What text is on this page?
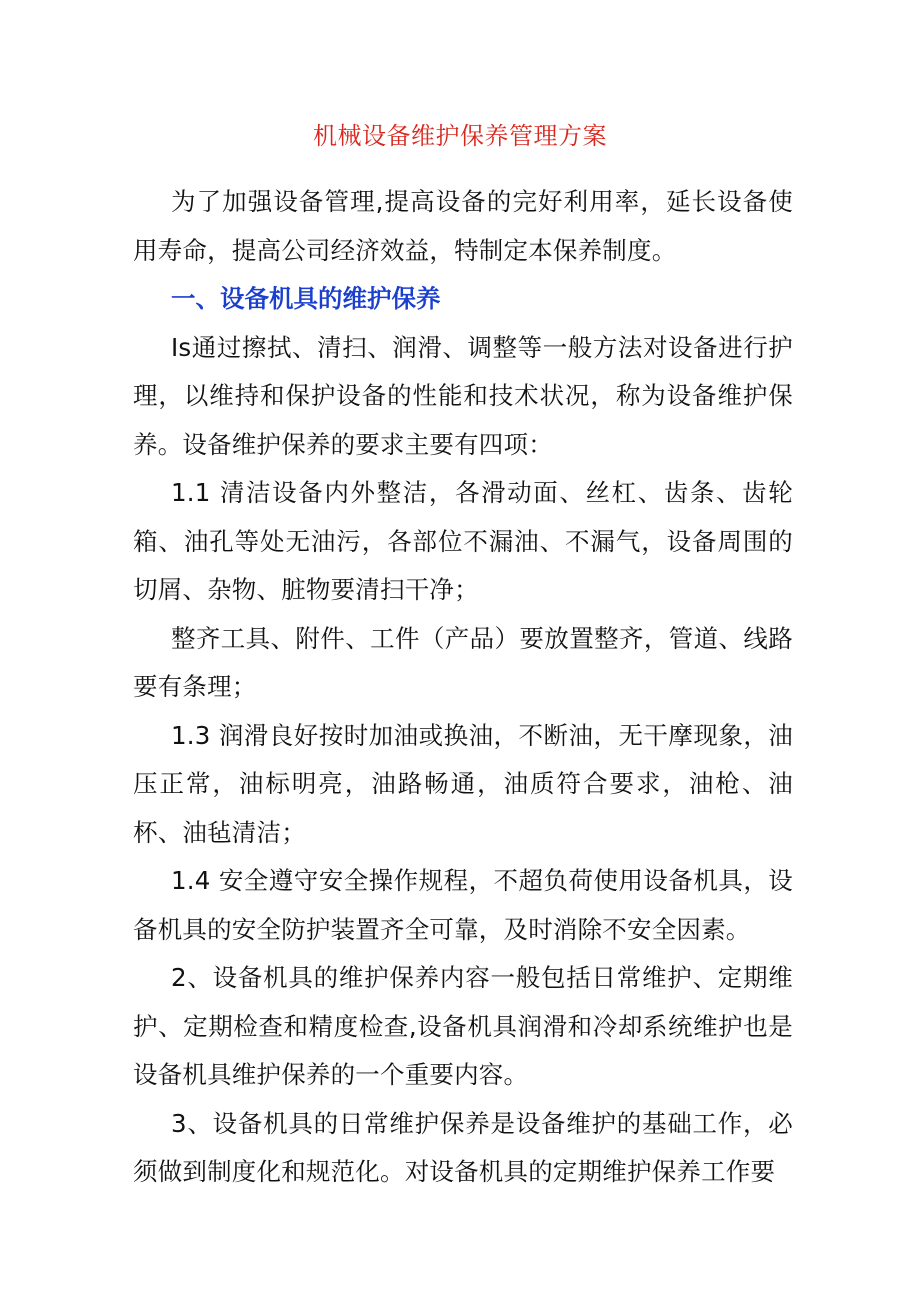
机械设备维护保养管理方案

为了加强设备管理,提高设备的完好利用率，延长设备使用寿命，提高公司经济效益，特制定本保养制度。

一、设备机具的维护保养

Is通过擦拭、清扫、润滑、调整等一般方法对设备进行护理，以维持和保护设备的性能和技术状况，称为设备维护保养。设备维护保养的要求主要有四项：

1.1 清洁设备内外整洁，各滑动面、丝杠、齿条、齿轮箱、油孔等处无油污，各部位不漏油、不漏气，设备周围的切屑、杂物、脏物要清扫干净；

整齐工具、附件、工件（产品）要放置整齐，管道、线路要有条理；

1.3 润滑良好按时加油或换油，不断油，无干摩现象，油压正常，油标明亮，油路畅通，油质符合要求，油枪、油杯、油毡清洁；

1.4 安全遵守安全操作规程，不超负荷使用设备机具，设备机具的安全防护装置齐全可靠，及时消除不安全因素。

2、设备机具的维护保养内容一般包括日常维护、定期维护、定期检查和精度检查,设备机具润滑和冷却系统维护也是设备机具维护保养的一个重要内容。

3、设备机具的日常维护保养是设备维护的基础工作，必须做到制度化和规范化。对设备机具的定期维护保养工作要
